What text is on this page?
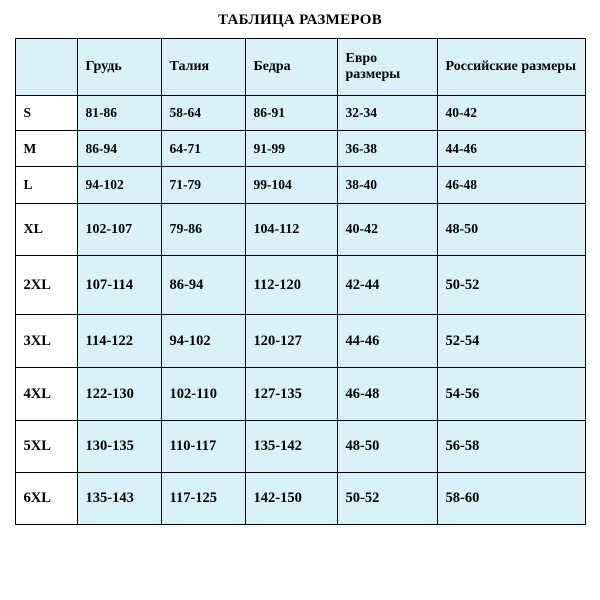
ТАБЛИЦА РАЗМЕРОВ
	Грудь	Талия	Бедра	Евро размеры	Российские размеры
S	81-86	58-64	86-91	32-34	40-42
M	86-94	64-71	91-99	36-38	44-46
L	94-102	71-79	99-104	38-40	46-48
XL	102-107	79-86	104-112	40-42	48-50
2XL	107-114	86-94	112-120	42-44	50-52
3XL	114-122	94-102	120-127	44-46	52-54
4XL	122-130	102-110	127-135	46-48	54-56
5XL	130-135	110-117	135-142	48-50	56-58
6XL	135-143	117-125	142-150	50-52	58-60
